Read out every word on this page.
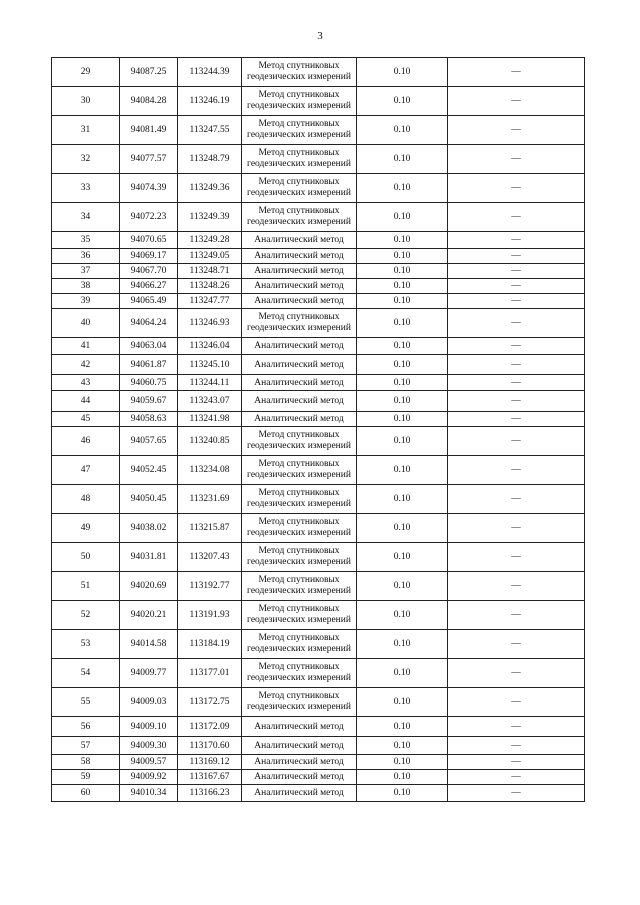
3
29	94087.25	113244.39	Метод спутниковых геодезических измерений	0.10	—
30	94084.28	113246.19	Метод спутниковых геодезических измерений	0.10	—
31	94081.49	113247.55	Метод спутниковых геодезических измерений	0.10	—
32	94077.57	113248.79	Метод спутниковых геодезических измерений	0.10	—
33	94074.39	113249.36	Метод спутниковых геодезических измерений	0.10	—
34	94072.23	113249.39	Метод спутниковых геодезических измерений	0.10	—
35	94070.65	113249.28	Аналитический метод	0.10	—
36	94069.17	113249.05	Аналитический метод	0.10	—
37	94067.70	113248.71	Аналитический метод	0.10	—
38	94066.27	113248.26	Аналитический метод	0.10	—
39	94065.49	113247.77	Аналитический метод	0.10	—
40	94064.24	113246.93	Метод спутниковых геодезических измерений	0.10	—
41	94063.04	113246.04	Аналитический метод	0.10	—
42	94061.87	113245.10	Аналитический метод	0.10	—
43	94060.75	113244.11	Аналитический метод	0.10	—
44	94059.67	113243.07	Аналитический метод	0.10	—
45	94058.63	113241.98	Аналитический метод	0.10	—
46	94057.65	113240.85	Метод спутниковых геодезических измерений	0.10	—
47	94052.45	113234.08	Метод спутниковых геодезических измерений	0.10	—
48	94050.45	113231.69	Метод спутниковых геодезических измерений	0.10	—
49	94038.02	113215.87	Метод спутниковых геодезических измерений	0.10	—
50	94031.81	113207.43	Метод спутниковых геодезических измерений	0.10	—
51	94020.69	113192.77	Метод спутниковых геодезических измерений	0.10	—
52	94020.21	113191.93	Метод спутниковых геодезических измерений	0.10	—
53	94014.58	113184.19	Метод спутниковых геодезических измерений	0.10	—
54	94009.77	113177.01	Метод спутниковых геодезических измерений	0.10	—
55	94009.03	113172.75	Метод спутниковых геодезических измерений	0.10	—
56	94009.10	113172.09	Аналитический метод	0.10	—
57	94009.30	113170.60	Аналитический метод	0.10	—
58	94009.57	113169.12	Аналитический метод	0.10	—
59	94009.92	113167.67	Аналитический метод	0.10	—
60	94010.34	113166.23	Аналитический метод	0.10	—
